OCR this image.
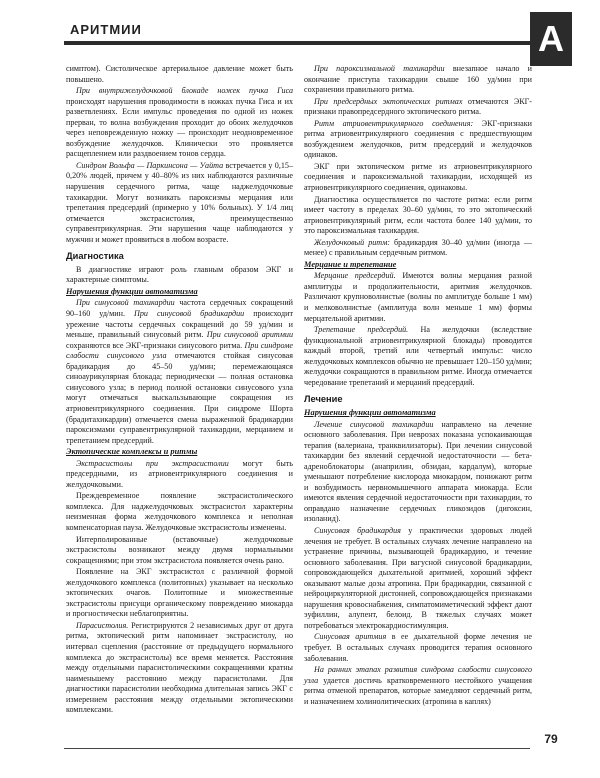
АРИТМИИ	А

симптом). Систолическое артериальное давление может быть повышено.

При внутрижелудочковой блокаде ножек пучка Гиса происходят нарушения проводимости в ножках пучка Гиса и их разветвлениях. Если импульс проведения по одной из ножек прерван, то волна возбуждения проходит до обоих желудочков через неповрежденную ножку — происходит неодновременное возбуждение желудочков. Клинически это проявляется расщеплением или раздвоением тонов сердца.

Синдром Вольфа — Паркинсона — Уайта встречается у 0,15–0,20% людей, причем у 40–80% из них наблюдаются различные нарушения сердечного ритма, чаще наджелудочковые тахикардии. Могут возникать пароксизмы мерцания или трепетания предсердий (примерно у 10% больных). У 1/4 лиц отмечается экстрасистолия, преимущественно суправентрикулярная. Эти нарушения чаще наблюдаются у мужчин и может проявиться в любом возрасте.

Диагностика

В диагностике играют роль главным образом ЭКГ и характерные симптомы.

Нарушения функции автоматизма

При синусовой тахикардии частота сердечных сокращений 90–160 уд/мин. При синусовой брадикардии происходит урежение частоты сердечных сокращений до 59 уд/мин и меньше, правильный синусовый ритм. При синусовой аритмии сохраняются все ЭКГ-признаки синусового ритма. При синдроме слабости синусового узла отмечаются стойкая синусовая брадикардия до 45–50 уд/мин; перемежающаяся синоаурикулярная блокада; периодически — полная остановка синусового узла; в период полной остановки синусового узла могут отмечаться выскальзывающие сокращения из атриовентрикулярного соединения. При синдроме Шорта (брадитахикардии) отмечается смена выраженной брадикардии пароксизмами суправентрикулярной тахикардии, мерцанием и трепетанием предсердий.

Эктопические комплексы и ритмы

Экстрасистолы при экстрасистолии могут быть предсердными, из атриовентрикулярного соединения и желудочковыми.

Преждевременное появление экстрасистолического комплекса. Для наджелудочковых экстрасистол характерны неизменная форма желудочкового комплекса и неполная компенсаторная пауза. Желудочковые экстрасистолы изменены.

Интерполированные (вставочные) желудочковые экстрасистолы возникают между двумя нормальными сокращениями; при этом экстрасистола появляется очень рано.

Появление на ЭКГ экстрасистол с различной формой желудочкового комплекса (политопных) указывает на несколько эктопических очагов. Политопные и множественные экстрасистолы присущи органическому повреждению миокарда и прогностически неблагоприятны.

Парасистолия. Регистрируются 2 независимых друг от друга ритма, эктопический ритм напоминает экстрасистолу, но интервал сцепления (расстояние от предыдущего нормального комплекса до экстрасистолы) все время меняется. Расстояния между отдельными парасистолическими сокращениями кратны наименьшему расстоянию между парасистолами. Для диагностики парасистолии необходима длительная запись ЭКГ с измерением расстояния между отдельными эктопическими комплексами.

При пароксизмальной тахикардии внезапное начало и окончание приступа тахикардии свыше 160 уд/мин при сохранении правильного ритма.

При предсердных эктопических ритмах отмечаются ЭКГ-признаки правопредсердного эктопического ритма.

Ритм атриовентрикулярного соединения: ЭКГ-признаки ритма атриовентрикулярного соединения с предшествующим возбуждением желудочков, ритм предсердий и желудочков одинаков.

ЭКГ при эктопическом ритме из атриовентрикулярного соединения и пароксизмальной тахикардии, исходящей из атриовентрикулярного соединения, одинаковы.

Диагностика осуществляется по частоте ритма: если ритм имеет частоту в пределах 30–60 уд/мин, то это эктопический атриовентрикулярный ритм, если частота более 140 уд/мин, то это пароксизмальная тахикардия.

Желудочковый ритм: брадикардия 30–40 уд/мин (иногда — менее) с правильным сердечным ритмом.

Мерцание и трепетание

Мерцание предсердий. Имеются волны мерцания разной амплитуды и продолжительности, аритмия желудочков. Различают крупноволнистые (волны по амплитуде больше 1 мм) и мелковолнистые (амплитуда волн меньше 1 мм) формы мерцательной аритмии.

Трепетание предсердий. На желудочки (вследствие функциональной атриовентрикулярной блокады) проводится каждый второй, третий или четвертый импульс: число желудочковых комплексов обычно не превышает 120–150 уд/мин; желудочки сокращаются в правильном ритме. Иногда отмечается чередование трепетаний и мерцаний предсердий.

Лечение
Нарушения функции автоматизма

Лечение синусовой тахикардии направлено на лечение основного заболевания. При неврозах показана успокаивающая терапия (валериана, транквилизаторы). При лечении синусовой тахикардии без явлений сердечной недостаточности — бета-адреноблокаторы (анаприлин, обзидан, кардалум), которые уменьшают потребление кислорода миокардом, понижают ритм и возбудимость нервномышечного аппарата миокарда. Если имеются явления сердечной недостаточности при тахикардии, то оправдано назначение сердечных гликозидов (дигоксин, изоланид).

Синусовая брадикардия у практически здоровых людей лечения не требует. В остальных случаях лечение направлено на устранение причины, вызывающей брадикардию, и течение основного заболевания. При вагусной синусовой брадикардии, сопровождающейся дыхательной аритмией, хороший эффект оказывают малые дозы атропина. При брадикардии, связанной с нейроциркуляторной дистонией, сопровождающейся признаками нарушения кровоснабжения, симпатомиметический эффект дают эуфиллин, алупент, белоид. В тяжелых случаях может потребоваться электрокардиостимуляция.

Синусовая аритмия в ее дыхательной форме лечения не требует. В остальных случаях проводится терапия основного заболевания.

На ранних этапах развития синдрома слабости синусового узла удается достичь кратковременного нестойкого учащения ритма отменой препаратов, которые замедляют сердечный ритм, и назначением холинолитических (атропина в каплях)

79
